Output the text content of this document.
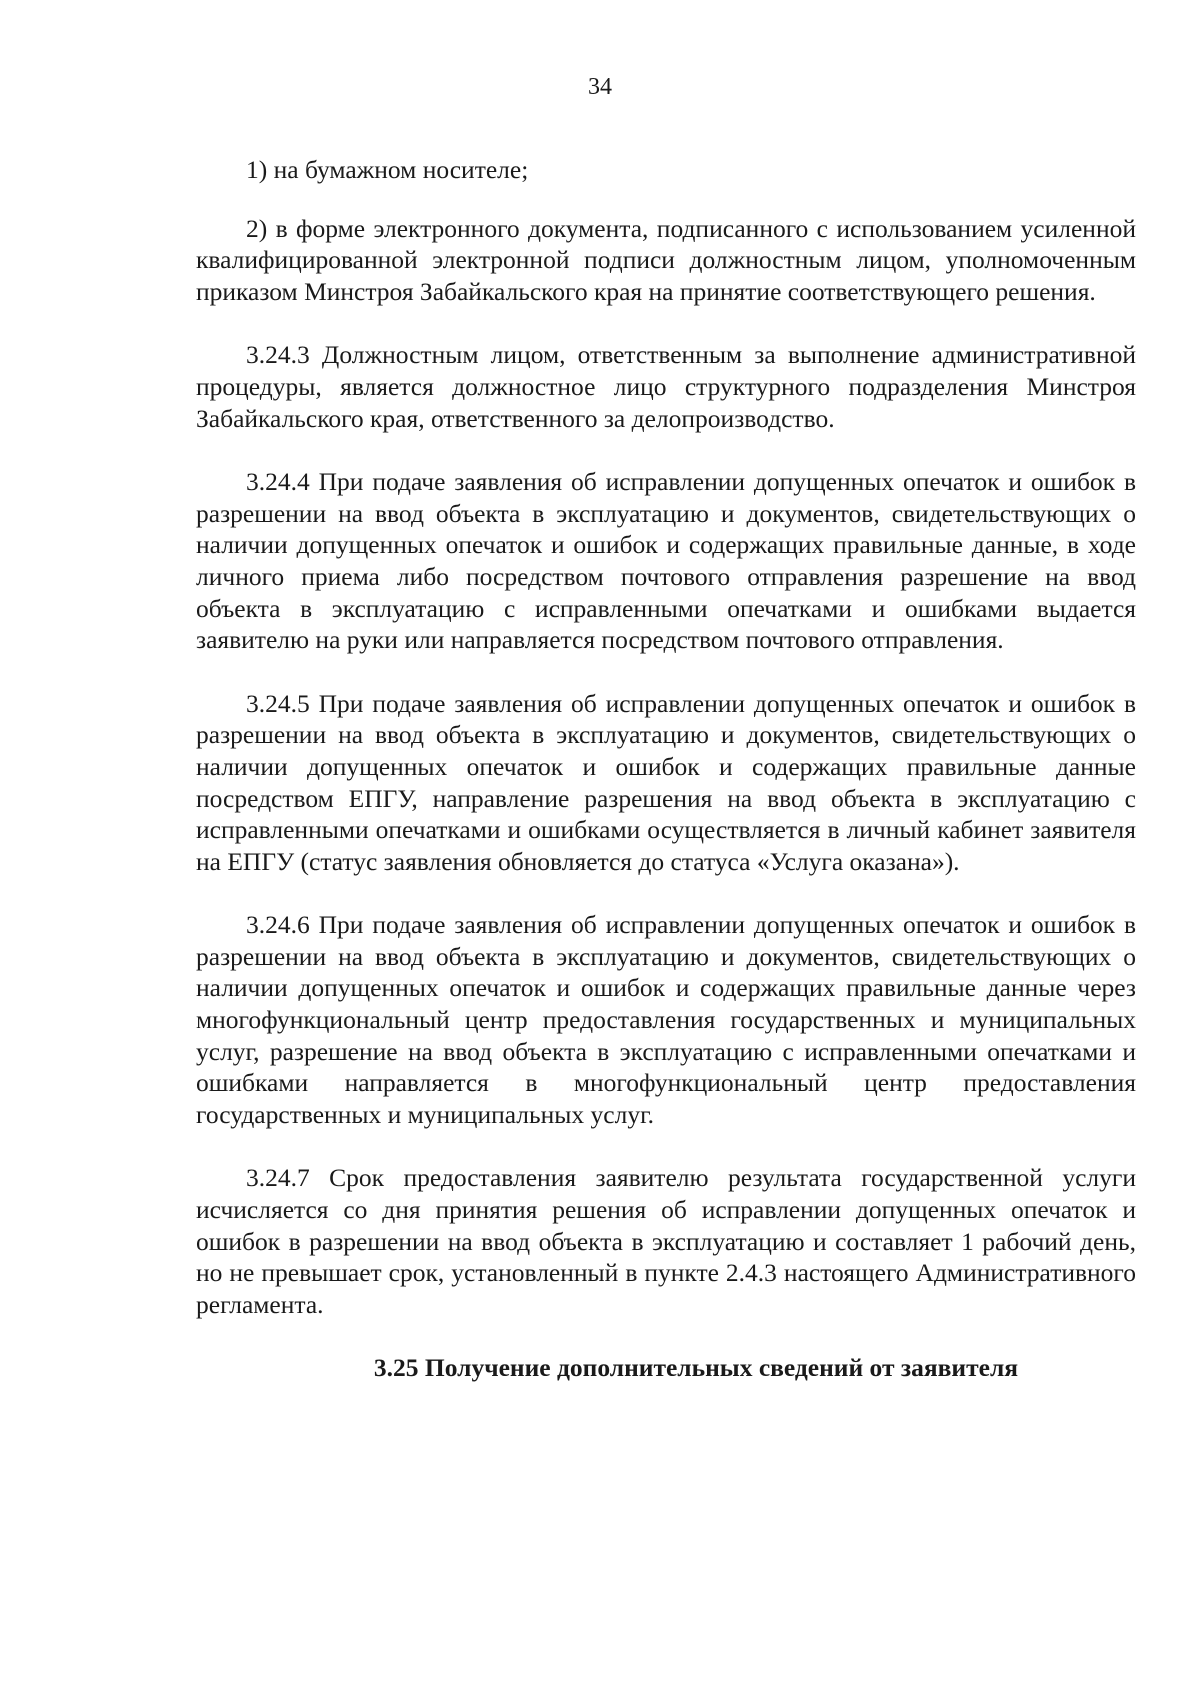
34

1) на бумажном носителе;

2) в форме электронного документа, подписанного с использованием усиленной квалифицированной электронной подписи должностным лицом, уполномоченным приказом Минстроя Забайкальского края на принятие соответствующего решения.

3.24.3 Должностным лицом, ответственным за выполнение административной процедуры, является должностное лицо структурного подразделения Минстроя Забайкальского края, ответственного за делопроизводство.

3.24.4 При подаче заявления об исправлении допущенных опечаток и ошибок в разрешении на ввод объекта в эксплуатацию и документов, свидетельствующих о наличии допущенных опечаток и ошибок и содержащих правильные данные, в ходе личного приема либо посредством почтового отправления разрешение на ввод объекта в эксплуатацию с исправленными опечатками и ошибками выдается заявителю на руки или направляется посредством почтового отправления.

3.24.5 При подаче заявления об исправлении допущенных опечаток и ошибок в разрешении на ввод объекта в эксплуатацию и документов, свидетельствующих о наличии допущенных опечаток и ошибок и содержащих правильные данные посредством ЕПГУ, направление разрешения на ввод объекта в эксплуатацию с исправленными опечатками и ошибками осуществляется в личный кабинет заявителя на ЕПГУ (статус заявления обновляется до статуса «Услуга оказана»).

3.24.6 При подаче заявления об исправлении допущенных опечаток и ошибок в разрешении на ввод объекта в эксплуатацию и документов, свидетельствующих о наличии допущенных опечаток и ошибок и содержащих правильные данные через многофункциональный центр предоставления государственных и муниципальных услуг, разрешение на ввод объекта в эксплуатацию с исправленными опечатками и ошибками направляется в многофункциональный центр предоставления государственных и муниципальных услуг.

3.24.7 Срок предоставления заявителю результата государственной услуги исчисляется со дня принятия решения об исправлении допущенных опечаток и ошибок в разрешении на ввод объекта в эксплуатацию и составляет 1 рабочий день, но не превышает срок, установленный в пункте 2.4.3 настоящего Административного регламента.

3.25 Получение дополнительных сведений от заявителя
